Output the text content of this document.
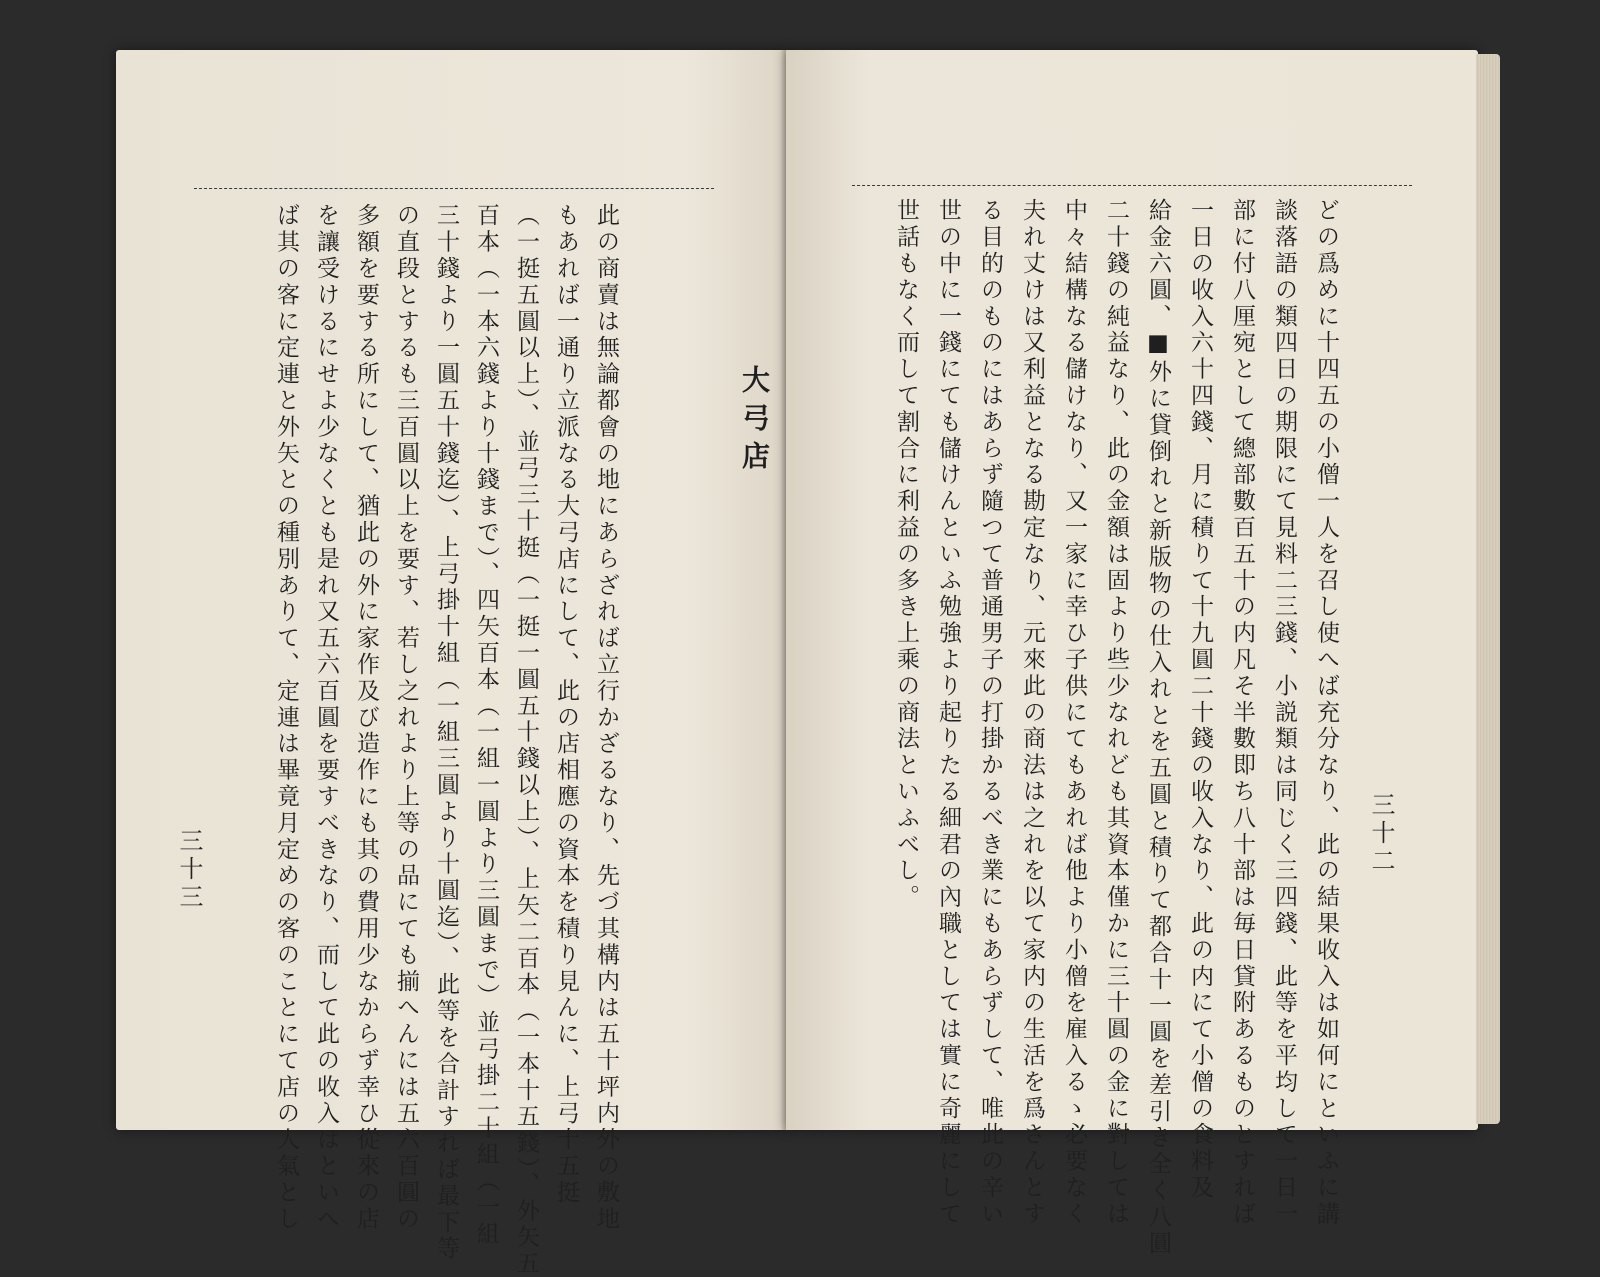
大弓店
此の商賣は無論都會の地にあらざれば立行かざるなり、先づ其構内は五十坪内外の敷地
もあれば一通り立派なる大弓店にして、此の店相應の資本を積り見んに、上弓十五挺
（一挺五圓以上）、並弓三十挺（一挺一圓五十錢以上）、上矢二百本（一本十五錢）、外矢五
百本（一本六錢より十錢まで）、四矢百本（一組一圓より三圓まで）並弓掛二十組（一組
三十錢より一圓五十錢迄）、上弓掛十組（一組三圓より十圓迄）、此等を合計すれば最下等
の直段とするも三百圓以上を要す、若し之れより上等の品にても揃へんには五六百圓の
多額を要する所にして、猶此の外に家作及び造作にも其の費用少なからず幸ひ從來の店
を讓受けるにせよ少なくとも是れ又五六百圓を要すべきなり、而して此の收入はといへ
ば其の客に定連と外矢との種別ありて、定連は畢竟月定めの客のことにて店の人氣とし
三十三	どの爲めに十四五の小僧一人を召し使へば充分なり、此の結果收入は如何にといふに講
談落語の類四日の期限にて見料二三錢、小説類は同じく三四錢、此等を平均して一日一
部に付八厘宛として總部數百五十の内凡そ半數即ち八十部は毎日貸附あるものとすれば
一日の收入六十四錢、月に積りて十九圓二十錢の收入なり、此の内にて小僧の食料及
給金六圓、■外に貸倒れと新版物の仕入れとを五圓と積りて都合十一圓を差引き全く八圓
二十錢の純益なり、此の金額は固より些少なれども其資本僅かに三十圓の金に對しては
中々結構なる儲けなり、又一家に幸ひ子供にてもあれば他より小僧を雇入るゝ必要なく
夫れ丈けは又利益となる勘定なり、元來此の商法は之れを以て家内の生活を爲さんとす
る目的のものにはあらず隨つて普通男子の打掛かるべき業にもあらずして、唯此の辛い
世の中に一錢にても儲けんといふ勉強より起りたる細君の內職としては實に奇麗にして
世話もなく而して割合に利益の多き上乘の商法といふべし。	三十二
